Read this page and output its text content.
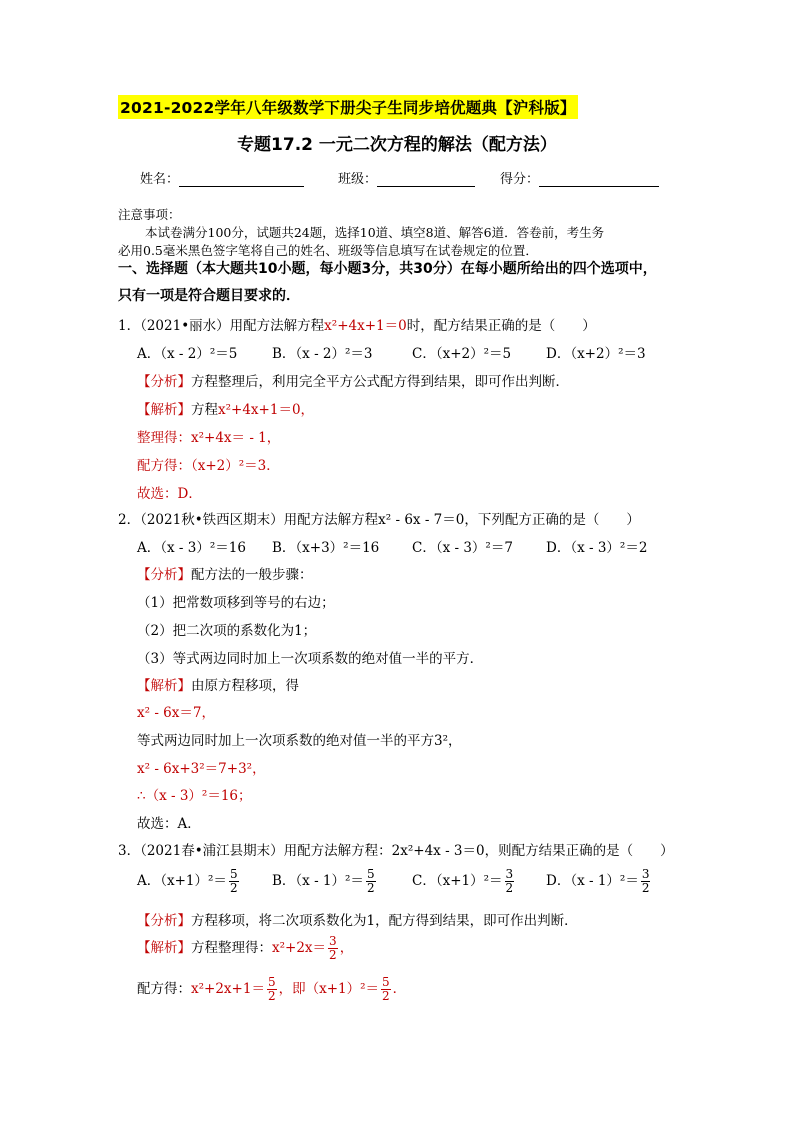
2021-2022学年八年级数学下册尖子生同步培优题典【沪科版】
专题17.2 一元二次方程的解法（配方法）
姓名：	班级：	得分：
注意事项：
本试卷满分100分，试题共24题，选择10道、填空8道、解答6道．答卷前，考生务
必用0.5毫米黑色签字笔将自己的姓名、班级等信息填写在试卷规定的位置．
一、选择题（本大题共10小题，每小题3分，共30分）在每小题所给出的四个选项中，
只有一项是符合题目要求的．
1．（2021•丽水）用配方法解方程x²+4x+1＝0时，配方结果正确的是（　　）
A．（x - 2）²＝5	B．（x - 2）²＝3	C．（x+2）²＝5	D．（x+2）²＝3
【分析】方程整理后，利用完全平方公式配方得到结果，即可作出判断．
【解析】方程x²+4x+1＝0，
整理得：x²+4x＝ - 1，
配方得：（x+2）²＝3．
故选：D．
2．（2021秋•铁西区期末）用配方法解方程x² - 6x - 7＝0，下列配方正确的是（　　）
A．（x - 3）²＝16 B．（x+3）²＝16 C．（x - 3）²＝7 D．（x - 3）²＝2
【分析】配方法的一般步骤：
（1）把常数项移到等号的右边；
（2）把二次项的系数化为1；
（3）等式两边同时加上一次项系数的绝对值一半的平方．
【解析】由原方程移项，得
x² - 6x＝7，
等式两边同时加上一次项系数的绝对值一半的平方3²，
x² - 6x+3²＝7+3²，
∴（x - 3）²＝16；
故选：A．
3．（2021春•浦江县期末）用配方法解方程：2x²+4x - 3＝0，则配方结果正确的是（　　）
A．$(x+1)^2= \frac{5}{2}$ B．$(x - 1)^2= \frac{5}{2}$	C．$(x+1)^2= \frac{3}{2}$ D．$(x - 1)^2= \frac{3}{2}$
【分析】方程移项，将二次项系数化为1，配方得到结果，即可作出判断．
【解析】方程整理得：$x^2+2x= \frac{3}{2}$ ，
配方得：$x^2+2x+1= \frac{5}{2}$ ，即$(x+1)^2= \frac{5}{2}$ ．
